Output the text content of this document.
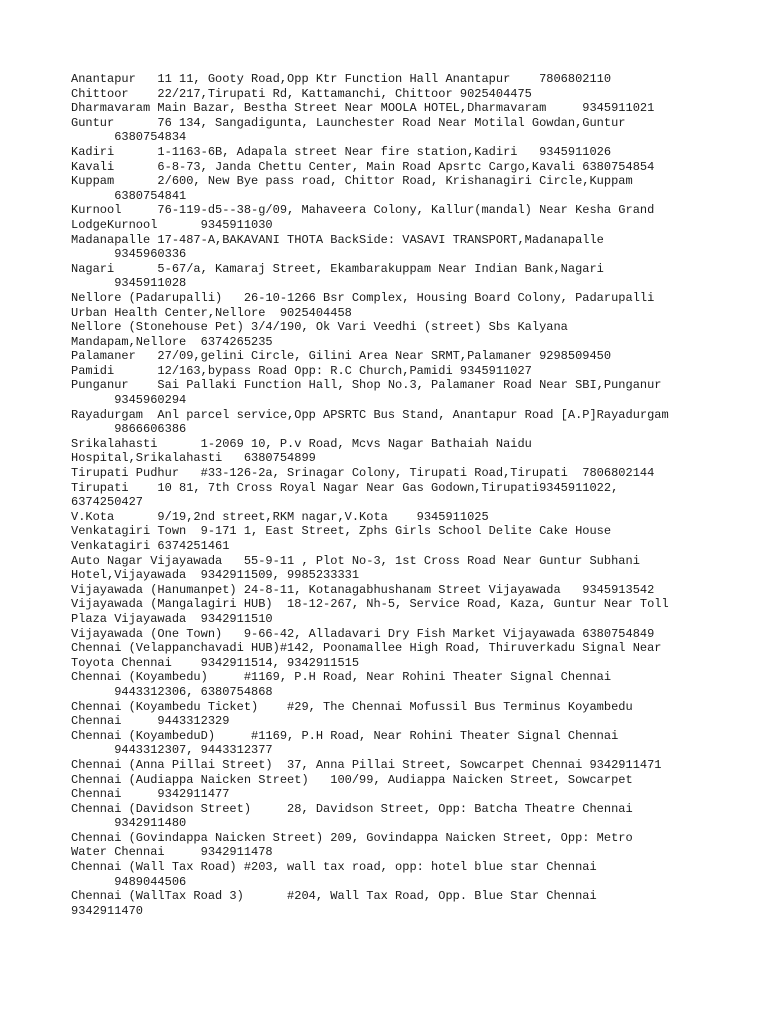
Anantapur   11 11, Gooty Road,Opp Ktr Function Hall Anantapur    7806802110
Chittoor    22/217,Tirupati Rd, Kattamanchi, Chittoor 9025404475
Dharmavaram Main Bazar, Bestha Street Near MOOLA HOTEL,Dharmavaram     9345911021
Guntur      76 134, Sangadigunta, Launchester Road Near Motilal Gowdan,Guntur
6380754834
Kadiri      1-1163-6B, Adapala street Near fire station,Kadiri   9345911026
Kavali      6-8-73, Janda Chettu Center, Main Road Apsrtc Cargo,Kavali 6380754854
Kuppam      2/600, New Bye pass road, Chittor Road, Krishanagiri Circle,Kuppam
6380754841
Kurnool     76-119-d5--38-g/09, Mahaveera Colony, Kallur(mandal) Near Kesha Grand
LodgeKurnool      9345911030
Madanapalle 17-487-A,BAKAVANI THOTA BackSide: VASAVI TRANSPORT,Madanapalle
9345960336
Nagari      5-67/a, Kamaraj Street, Ekambarakuppam Near Indian Bank,Nagari
9345911028
Nellore (Padarupalli)   26-10-1266 Bsr Complex, Housing Board Colony, Padarupalli
Urban Health Center,Nellore  9025404458
Nellore (Stonehouse Pet) 3/4/190, Ok Vari Veedhi (street) Sbs Kalyana
Mandapam,Nellore  6374265235
Palamaner   27/09,gelini Circle, Gilini Area Near SRMT,Palamaner 9298509450
Pamidi      12/163,bypass Road Opp: R.C Church,Pamidi 9345911027
Punganur    Sai Pallaki Function Hall, Shop No.3, Palamaner Road Near SBI,Punganur
9345960294
Rayadurgam  Anl parcel service,Opp APSRTC Bus Stand, Anantapur Road [A.P]Rayadurgam
9866606386
Srikalahasti      1-2069 10, P.v Road, Mcvs Nagar Bathaiah Naidu
Hospital,Srikalahasti   6380754899
Tirupati Pudhur   #33-126-2a, Srinagar Colony, Tirupati Road,Tirupati  7806802144
Tirupati    10 81, 7th Cross Royal Nagar Near Gas Godown,Tirupati9345911022,
6374250427
V.Kota      9/19,2nd street,RKM nagar,V.Kota    9345911025
Venkatagiri Town  9-171 1, East Street, Zphs Girls School Delite Cake House
Venkatagiri 6374251461
Auto Nagar Vijayawada   55-9-11 , Plot No-3, 1st Cross Road Near Guntur Subhani
Hotel,Vijayawada  9342911509, 9985233331
Vijayawada (Hanumanpet) 24-8-11, Kotanagabhushanam Street Vijayawada   9345913542
Vijayawada (Mangalagiri HUB)  18-12-267, Nh-5, Service Road, Kaza, Guntur Near Toll
Plaza Vijayawada  9342911510
Vijayawada (One Town)   9-66-42, Alladavari Dry Fish Market Vijayawada 6380754849
Chennai (Velappanchavadi HUB)#142, Poonamallee High Road, Thiruverkadu Signal Near
Toyota Chennai    9342911514, 9342911515
Chennai (Koyambedu)     #1169, P.H Road, Near Rohini Theater Signal Chennai
9443312306, 6380754868
Chennai (Koyambedu Ticket)    #29, The Chennai Mofussil Bus Terminus Koyambedu
Chennai     9443312329
Chennai (KoyambeduD)     #1169, P.H Road, Near Rohini Theater Signal Chennai
9443312307, 9443312377
Chennai (Anna Pillai Street)  37, Anna Pillai Street, Sowcarpet Chennai 9342911471
Chennai (Audiappa Naicken Street)   100/99, Audiappa Naicken Street, Sowcarpet
Chennai     9342911477
Chennai (Davidson Street)     28, Davidson Street, Opp: Batcha Theatre Chennai
9342911480
Chennai (Govindappa Naicken Street) 209, Govindappa Naicken Street, Opp: Metro
Water Chennai     9342911478
Chennai (Wall Tax Road) #203, wall tax road, opp: hotel blue star Chennai
9489044506
Chennai (WallTax Road 3)      #204, Wall Tax Road, Opp. Blue Star Chennai
9342911470
